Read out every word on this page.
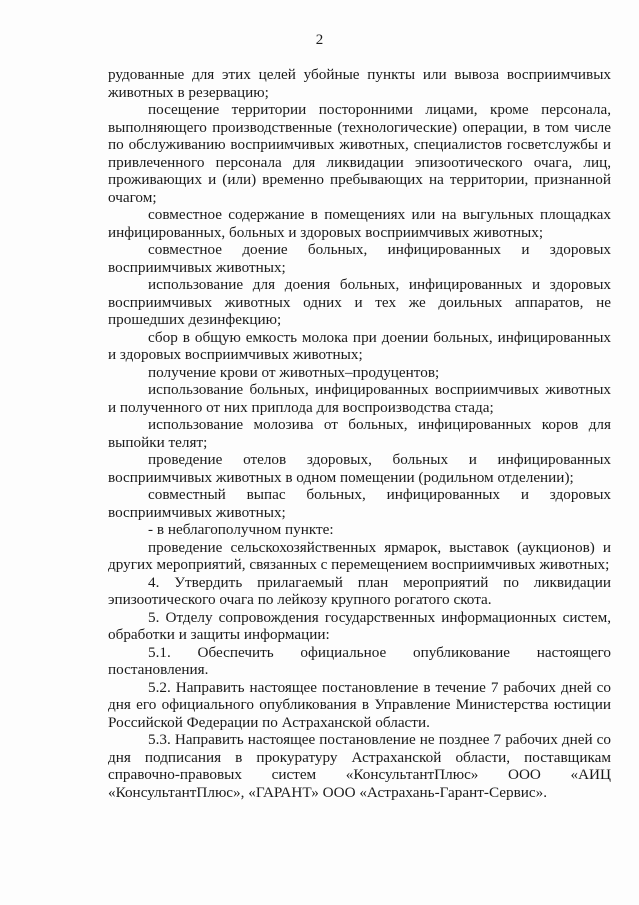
2

рудованные для этих целей убойные пункты или вывоза восприимчивых животных в резервацию;

посещение территории посторонними лицами, кроме персонала, выполняющего производственные (технологические) операции, в том числе по обслуживанию восприимчивых животных, специалистов госветслужбы и привлеченного персонала для ликвидации эпизоотического очага, лиц, проживающих и (или) временно пребывающих на территории, признанной очагом;

совместное содержание в помещениях или на выгульных площадках инфицированных, больных и здоровых восприимчивых животных;

совместное доение больных, инфицированных и здоровых восприимчивых животных;

использование для доения больных, инфицированных и здоровых восприимчивых животных одних и тех же доильных аппаратов, не прошедших дезинфекцию;

сбор в общую емкость молока при доении больных, инфицированных и здоровых восприимчивых животных;

получение крови от животных–продуцентов;

использование больных, инфицированных восприимчивых животных и полученного от них приплода для воспроизводства стада;

использование молозива от больных, инфицированных коров для выпойки телят;

проведение отелов здоровых, больных и инфицированных восприимчивых животных в одном помещении (родильном отделении);

совместный выпас больных, инфицированных и здоровых восприимчивых животных;

- в неблагополучном пункте:

проведение сельскохозяйственных ярмарок, выставок (аукционов) и других мероприятий, связанных с перемещением восприимчивых животных;

4. Утвердить прилагаемый план мероприятий по ликвидации эпизоотического очага по лейкозу крупного рогатого скота.

5. Отделу сопровождения государственных информационных систем, обработки и защиты информации:

5.1. Обеспечить официальное опубликование настоящего постановления.

5.2. Направить настоящее постановление в течение 7 рабочих дней со дня его официального опубликования в Управление Министерства юстиции Российской Федерации по Астраханской области.

5.3. Направить настоящее постановление не позднее 7 рабочих дней со дня подписания в прокуратуру Астраханской области, поставщикам справочно-правовых систем «КонсультантПлюс» ООО «АИЦ «КонсультантПлюс», «ГАРАНТ» ООО «Астрахань-Гарант-Сервис».
